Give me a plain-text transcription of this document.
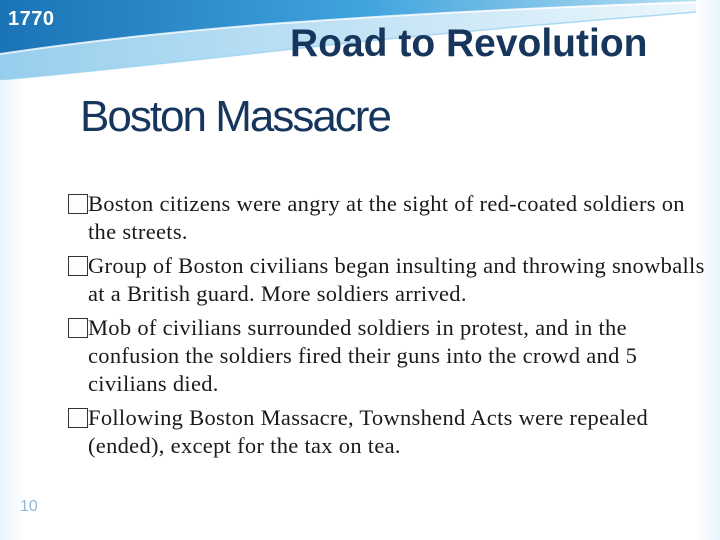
1770
Road to Revolution
Boston Massacre
Boston citizens were angry at the sight of red-coated soldiers on the streets.
Group of Boston civilians began insulting and throwing snowballs at a British guard. More soldiers arrived.
Mob of civilians surrounded soldiers in protest, and in the confusion the soldiers fired their guns into the crowd and 5 civilians died.
Following Boston Massacre, Townshend Acts were repealed (ended), except for the tax on tea.
10
